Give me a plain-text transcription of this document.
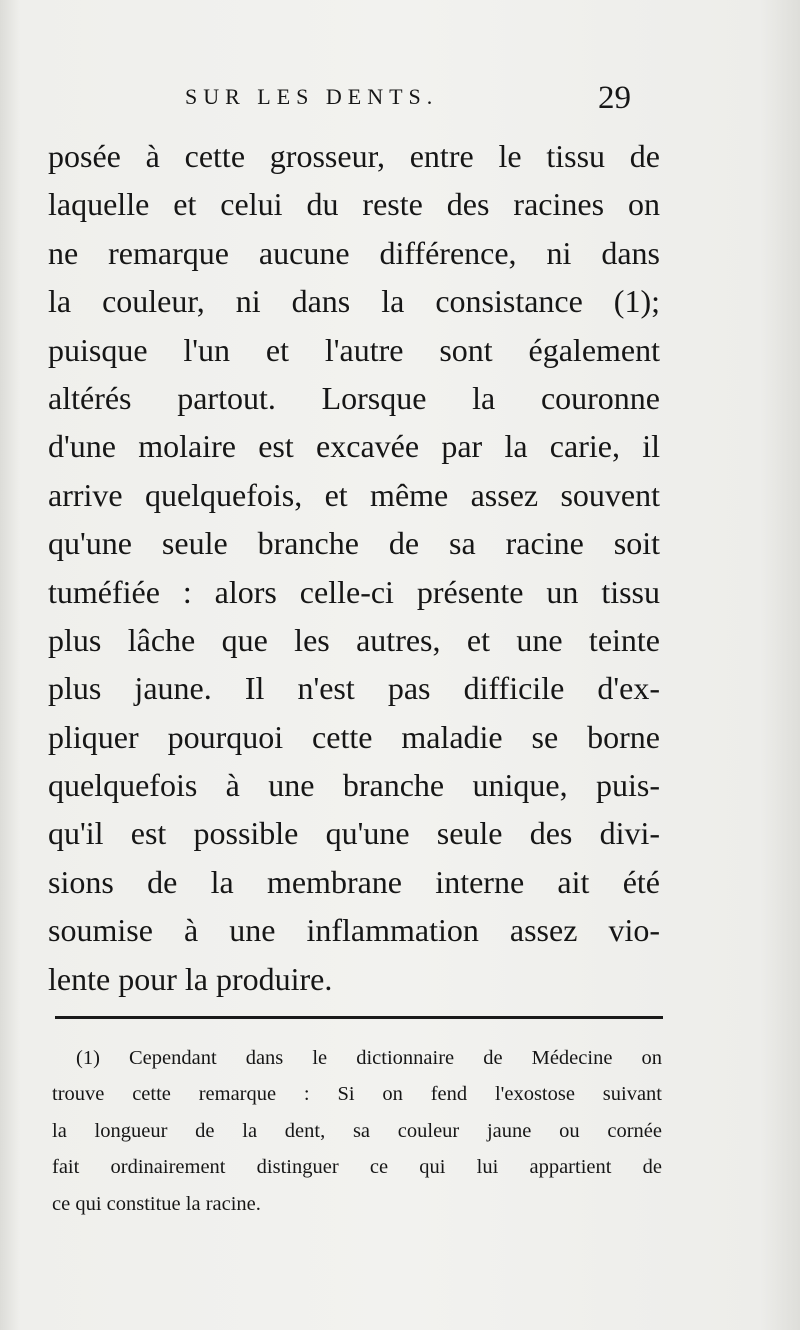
SUR LES DENTS.	29
posée à cette grosseur, entre le tissu de
laquelle et celui du reste des racines on
ne remarque aucune différence, ni dans
la couleur, ni dans la consistance (1);
puisque l'un et l'autre sont également
altérés partout. Lorsque la couronne
d'une molaire est excavée par la carie, il
arrive quelquefois, et même assez souvent
qu'une seule branche de sa racine soit
tuméfiée : alors celle-ci présente un tissu
plus lâche que les autres, et une teinte
plus jaune. Il n'est pas difficile d'ex-
pliquer pourquoi cette maladie se borne
quelquefois à une branche unique, puis-
qu'il est possible qu'une seule des divi-
sions de la membrane interne ait été
soumise à une inflammation assez vio-
lente pour la produire.
(1) Cependant dans le dictionnaire de Médecine on
trouve cette remarque : Si on fend l'exostose suivant
la longueur de la dent, sa couleur jaune ou cornée
fait ordinairement distinguer ce qui lui appartient de
ce qui constitue la racine.
